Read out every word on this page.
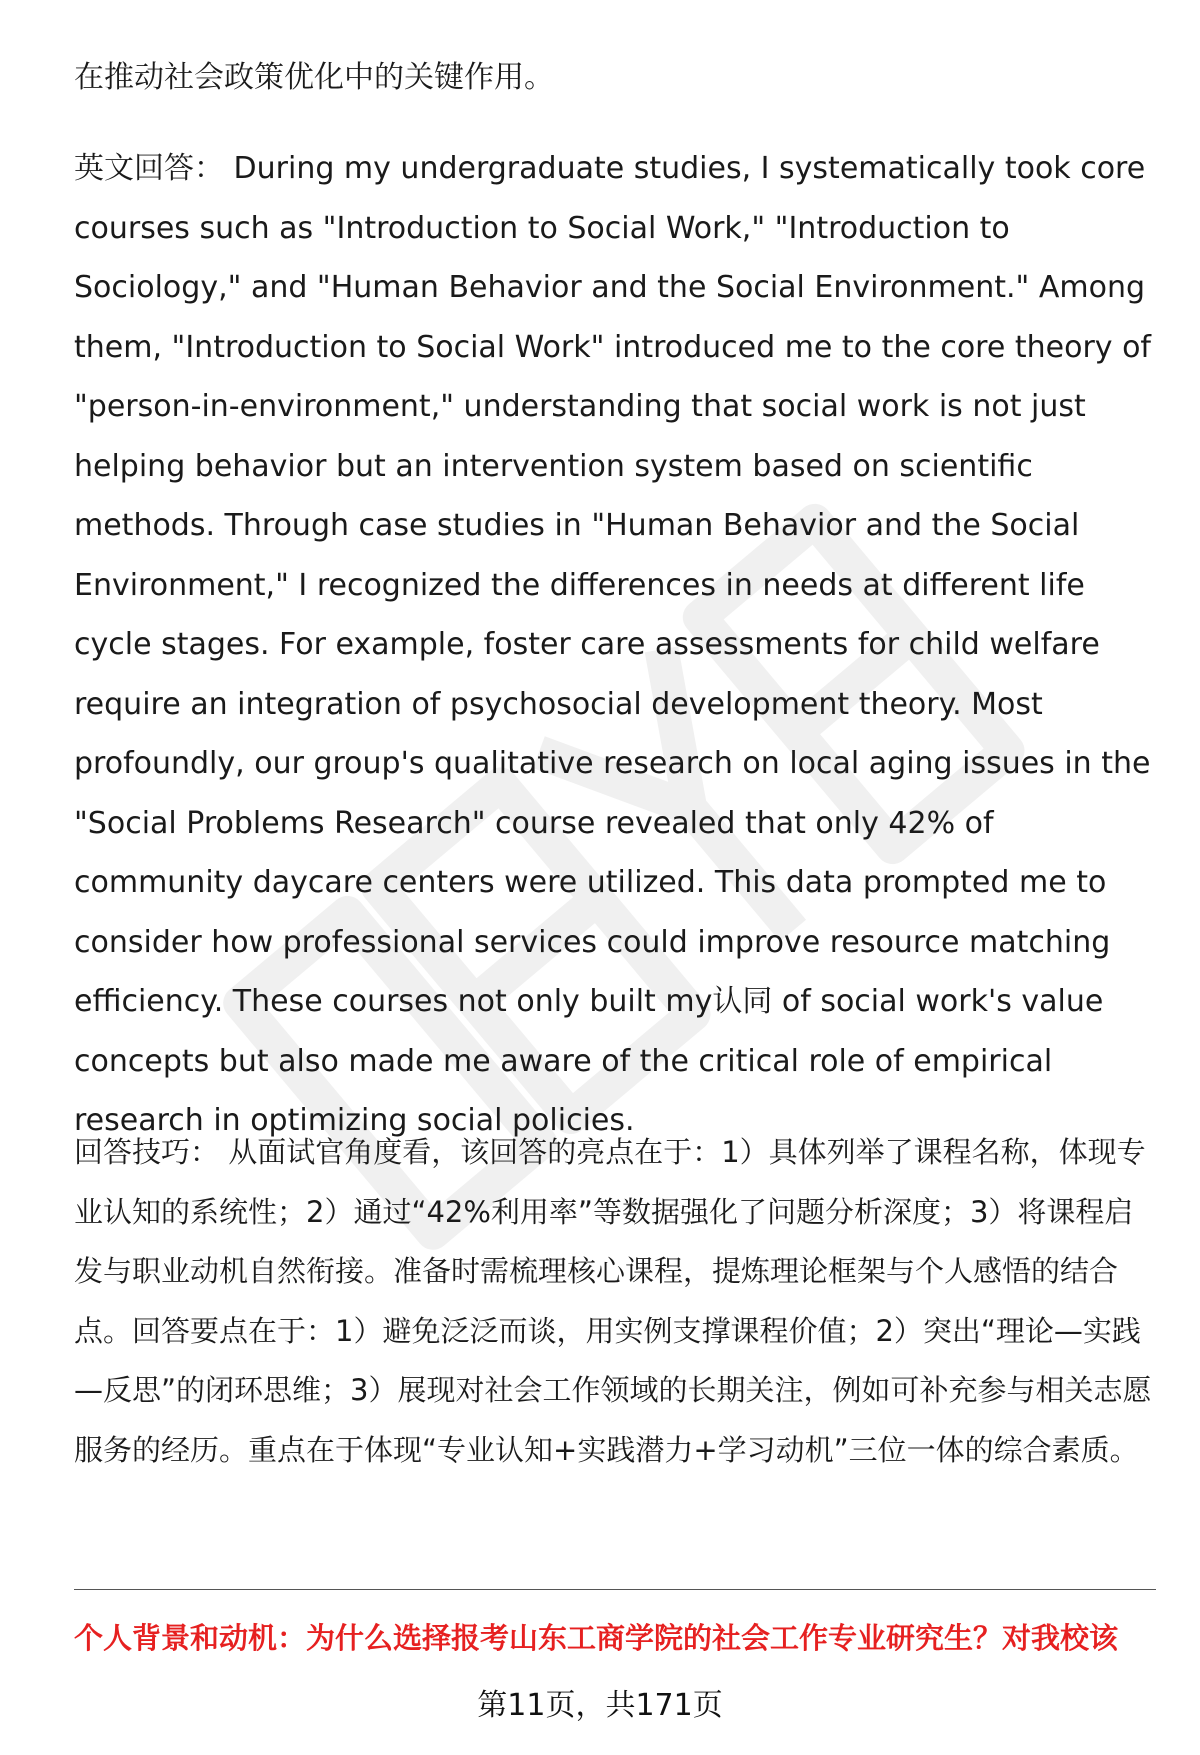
在推动社会政策优化中的关键作用。

英文回答： During my undergraduate studies, I systematically took core courses such as "Introduction to Social Work," "Introduction to Sociology," and "Human Behavior and the Social Environment." Among them, "Introduction to Social Work" introduced me to the core theory of "person-in-environment," understanding that social work is not just helping behavior but an intervention system based on scientific methods. Through case studies in "Human Behavior and the Social Environment," I recognized the differences in needs at different life cycle stages. For example, foster care assessments for child welfare require an integration of psychosocial development theory. Most profoundly, our group's qualitative research on local aging issues in the "Social Problems Research" course revealed that only 42% of community daycare centers were utilized. This data prompted me to consider how professional services could improve resource matching efficiency. These courses not only built my认同 of social work's value concepts but also made me aware of the critical role of empirical research in optimizing social policies.

回答技巧： 从面试官角度看，该回答的亮点在于：1）具体列举了课程名称，体现专业认知的系统性；2）通过“42%利用率”等数据强化了问题分析深度；3）将课程启发与职业动机自然衔接。准备时需梳理核心课程，提炼理论框架与个人感悟的结合点。回答要点在于：1）避免泛泛而谈，用实例支撑课程价值；2）突出“理论—实践—反思”的闭环思维；3）展现对社会工作领域的长期关注，例如可补充参与相关志愿服务的经历。重点在于体现“专业认知+实践潜力+学习动机”三位一体的综合素质。

个人背景和动机：为什么选择报考山东工商学院的社会工作专业研究生？对我校该

第11页，共171页
